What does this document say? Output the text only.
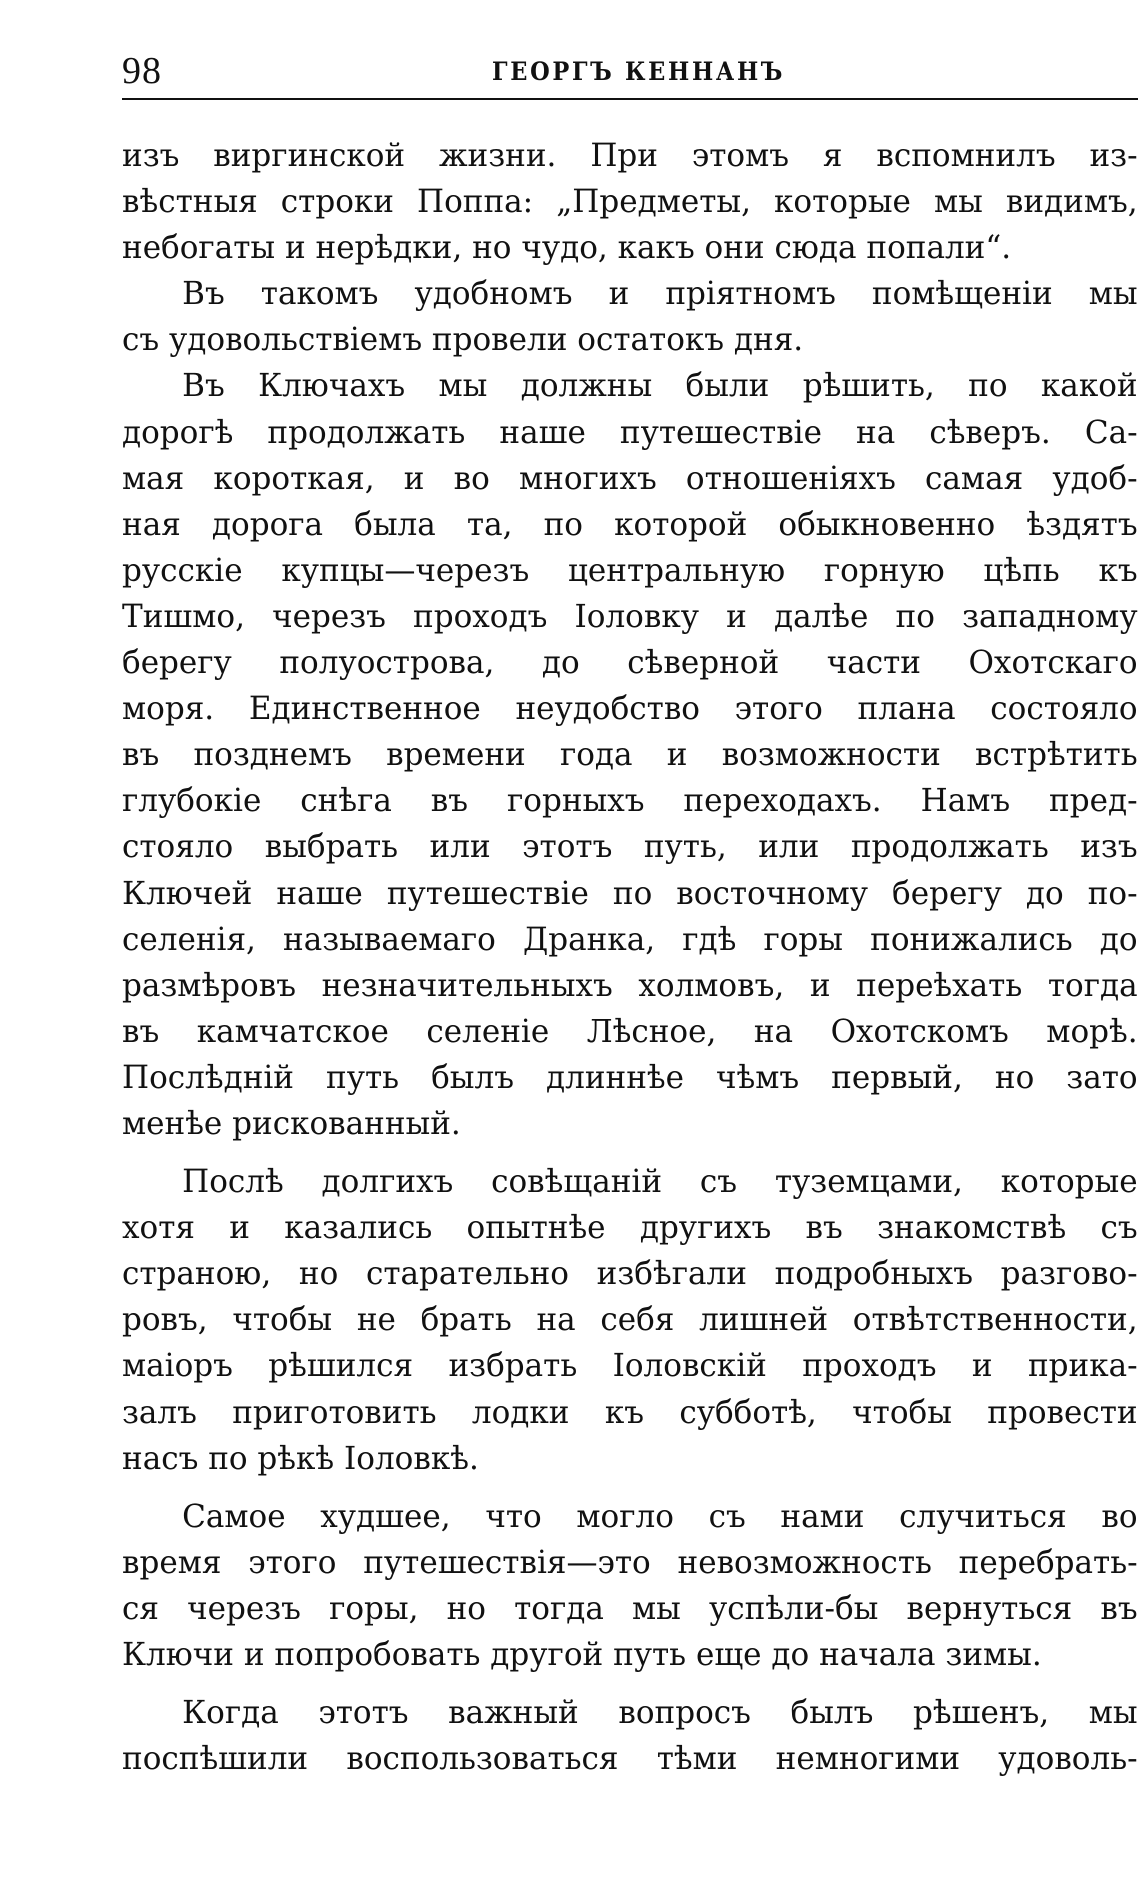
98	ГЕОРГЪ КЕННАНЪ
изъ виргинской жизни. При этомъ я вспомнилъ из-
вѣстныя строки Поппа: „Предметы, которые мы видимъ,
небогаты и нерѣдки, но чудо, какъ они сюда попали“.
Въ такомъ удобномъ и пріятномъ помѣщеніи мы
съ удовольствіемъ провели остатокъ дня.
Въ Ключахъ мы должны были рѣшить, по какой
дорогѣ продолжать наше путешествіе на сѣверъ. Са-
мая короткая, и во многихъ отношеніяхъ самая удоб-
ная дорога была та, по которой обыкновенно ѣздятъ
русскіе купцы—черезъ центральную горную цѣпь къ
Тишмо, черезъ проходъ Іоловку и далѣе по западному
берегу полуострова, до сѣверной части Охотскаго
моря. Единственное неудобство этого плана состояло
въ позднемъ времени года и возможности встрѣтить
глубокіе снѣга въ горныхъ переходахъ. Намъ пред-
стояло выбрать или этотъ путь, или продолжать изъ
Ключей наше путешествіе по восточному берегу до по-
селенія, называемаго Дранка, гдѣ горы понижались до
размѣровъ незначительныхъ холмовъ, и переѣхать тогда
въ камчатское селеніе Лѣсное, на Охотскомъ морѣ.
Послѣдній путь былъ длиннѣе чѣмъ первый, но зато
менѣе рискованный.
Послѣ долгихъ совѣщаній съ туземцами, которые
хотя и казались опытнѣе другихъ въ знакомствѣ съ
страною, но старательно избѣгали подробныхъ разгово-
ровъ, чтобы не брать на себя лишней отвѣтственности,
маіоръ рѣшился избрать Іоловскій проходъ и прика-
залъ приготовить лодки къ субботѣ, чтобы провести
насъ по рѣкѣ Іоловкѣ.
Самое худшее, что могло съ нами случиться во
время этого путешествія—это невозможность перебрать-
ся черезъ горы, но тогда мы успѣли-бы вернуться въ
Ключи и попробовать другой путь еще до начала зимы.
Когда этотъ важный вопросъ былъ рѣшенъ, мы
поспѣшили воспользоваться тѣми немногими удоволь-
